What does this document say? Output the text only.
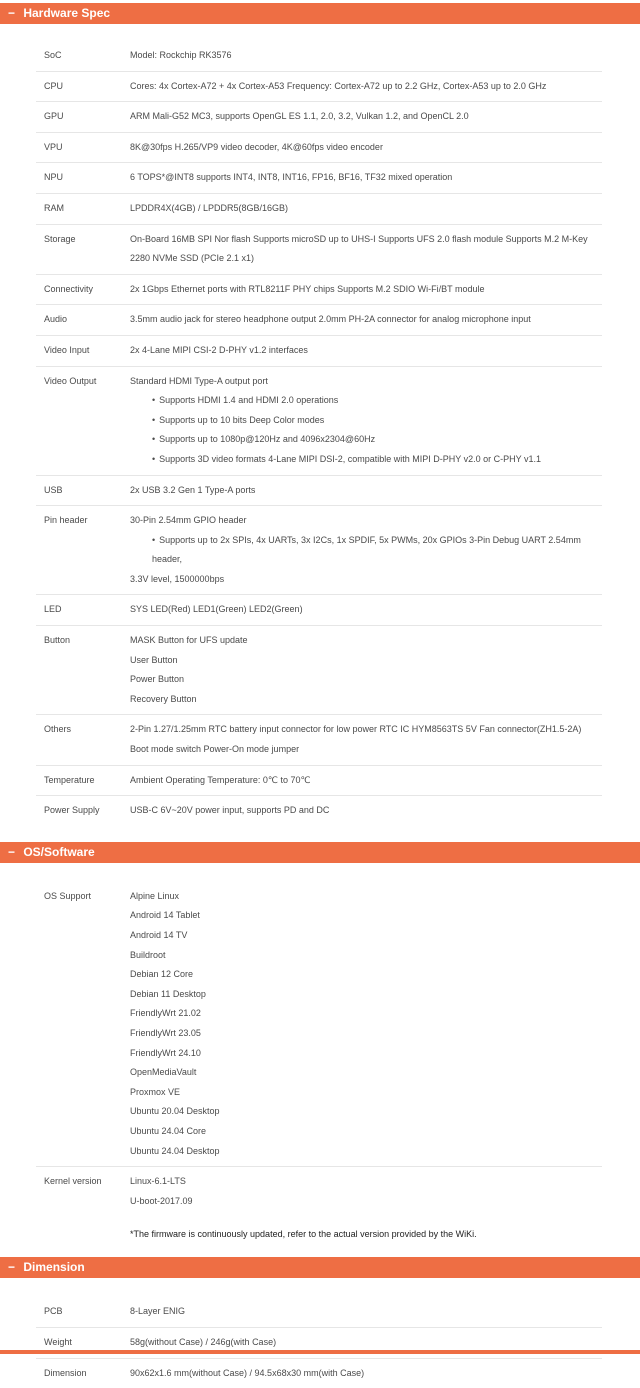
− Hardware Spec
SoC	Model: Rockchip RK3576
CPU	Cores: 4x Cortex-A72 + 4x Cortex-A53 Frequency: Cortex-A72 up to 2.2 GHz, Cortex-A53 up to 2.0 GHz
GPU	ARM Mali-G52 MC3, supports OpenGL ES 1.1, 2.0, 3.2, Vulkan 1.2, and OpenCL 2.0
VPU	8K@30fps H.265/VP9 video decoder, 4K@60fps video encoder
NPU	6 TOPS*@INT8 supports INT4, INT8, INT16, FP16, BF16, TF32 mixed operation
RAM	LPDDR4X(4GB) / LPDDR5(8GB/16GB)
Storage	On-Board 16MB SPI Nor flash Supports microSD up to UHS-I Supports UFS 2.0 flash module Supports M.2 M-Key
2280 NVMe SSD (PCIe 2.1 x1)
Connectivity	2x 1Gbps Ethernet ports with RTL8211F PHY chips Supports M.2 SDIO Wi-Fi/BT module
Audio	3.5mm audio jack for stereo headphone output 2.0mm PH-2A connector for analog microphone input
Video Input	2x 4-Lane MIPI CSI-2 D-PHY v1.2 interfaces
Video Output	Standard HDMI Type-A output port
• Supports HDMI 1.4 and HDMI 2.0 operations
• Supports up to 10 bits Deep Color modes
• Supports up to 1080p@120Hz and 4096x2304@60Hz
• Supports 3D video formats 4-Lane MIPI DSI-2, compatible with MIPI D-PHY v2.0 or C-PHY v1.1
USB	2x USB 3.2 Gen 1 Type-A ports
Pin header	30-Pin 2.54mm GPIO header
• Supports up to 2x SPIs, 4x UARTs, 3x I2Cs, 1x SPDIF, 5x PWMs, 20x GPIOs 3-Pin Debug UART 2.54mm header,
3.3V level, 1500000bps
LED	SYS LED(Red) LED1(Green) LED2(Green)
Button	MASK Button for UFS update
User Button
Power Button
Recovery Button
Others	2-Pin 1.27/1.25mm RTC battery input connector for low power RTC IC HYM8563TS 5V Fan connector(ZH1.5-2A)
Boot mode switch Power-On mode jumper
Temperature	Ambient Operating Temperature: 0℃ to 70℃
Power Supply	USB-C 6V~20V power input, supports PD and DC
− OS/Software
OS Support	Alpine Linux
Android 14 Tablet
Android 14 TV
Buildroot
Debian 12 Core
Debian 11 Desktop
FriendlyWrt 21.02
FriendlyWrt 23.05
FriendlyWrt 24.10
OpenMediaVault
Proxmox VE
Ubuntu 20.04 Desktop
Ubuntu 24.04 Core
Ubuntu 24.04 Desktop
Kernel version	Linux-6.1-LTS
U-boot-2017.09
*The firmware is continuously updated, refer to the actual version provided by the WiKi.
− Dimension
PCB	8-Layer ENIG
Weight	58g(without Case) / 246g(with Case)
Dimension	90x62x1.6 mm(without Case) / 94.5x68x30 mm(with Case)
